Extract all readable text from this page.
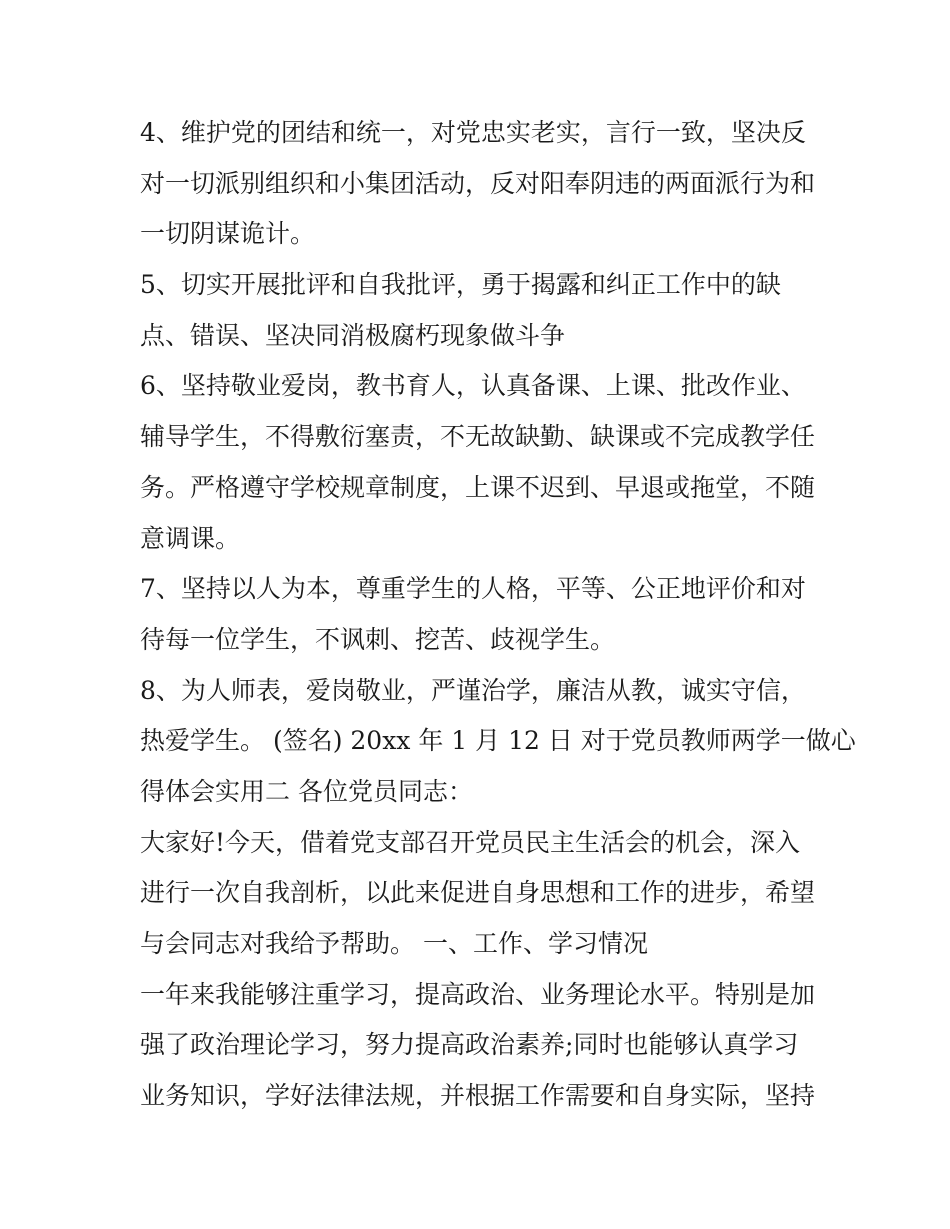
4、维护党的团结和统一，对党忠实老实，言行一致，坚决反
对一切派别组织和小集团活动，反对阳奉阴违的两面派行为和
一切阴谋诡计。
5、切实开展批评和自我批评，勇于揭露和纠正工作中的缺
点、错误、坚决同消极腐朽现象做斗争
6、坚持敬业爱岗，教书育人，认真备课、上课、批改作业、
辅导学生，不得敷衍塞责，不无故缺勤、缺课或不完成教学任
务。严格遵守学校规章制度，上课不迟到、早退或拖堂，不随
意调课。
7、坚持以人为本，尊重学生的人格，平等、公正地评价和对
待每一位学生，不讽刺、挖苦、歧视学生。
8、为人师表，爱岗敬业，严谨治学，廉洁从教，诚实守信，
热爱学生。 (签名) 20xx 年 1 月 12 日 对于党员教师两学一做心
得体会实用二 各位党员同志：
大家好!今天，借着党支部召开党员民主生活会的机会，深入
进行一次自我剖析，以此来促进自身思想和工作的进步，希望
与会同志对我给予帮助。 一、工作、学习情况
一年来我能够注重学习，提高政治、业务理论水平。特别是加
强了政治理论学习，努力提高政治素养;同时也能够认真学习
业务知识，学好法律法规，并根据工作需要和自身实际，坚持
